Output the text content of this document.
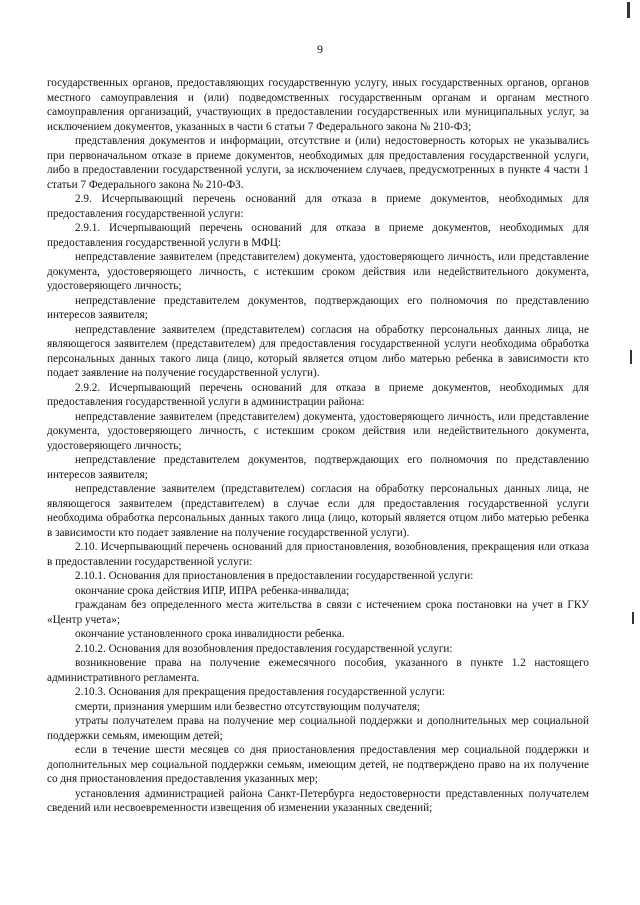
9

государственных органов, предоставляющих государственную услугу, иных государственных органов, органов местного самоуправления и (или) подведомственных государственным органам и органам местного самоуправления организаций, участвующих в предоставлении государственных или муниципальных услуг, за исключением документов, указанных в части 6 статьи 7 Федерального закона № 210-ФЗ;

представления документов и информации, отсутствие и (или) недостоверность которых не указывались при первоначальном отказе в приеме документов, необходимых для предоставления государственной услуги, либо в предоставлении государственной услуги, за исключением случаев, предусмотренных в пункте 4 части 1 статьи 7 Федерального закона № 210-ФЗ.

2.9. Исчерпывающий перечень оснований для отказа в приеме документов, необходимых для предоставления государственной услуги:

2.9.1. Исчерпывающий перечень оснований для отказа в приеме документов, необходимых для предоставления государственной услуги в МФЦ:

непредставление заявителем (представителем) документа, удостоверяющего личность, или представление документа, удостоверяющего личность, с истекшим сроком действия или недействительного документа, удостоверяющего личность;

непредставление представителем документов, подтверждающих его полномочия по представлению интересов заявителя;

непредставление заявителем (представителем) согласия на обработку персональных данных лица, не являющегося заявителем (представителем) для предоставления государственной услуги необходима обработка персональных данных такого лица (лицо, который является отцом либо матерью ребенка в зависимости кто подает заявление на получение государственной услуги).

2.9.2. Исчерпывающий перечень оснований для отказа в приеме документов, необходимых для предоставления государственной услуги в администрации района:

непредставление заявителем (представителем) документа, удостоверяющего личность, или представление документа, удостоверяющего личность, с истекшим сроком действия или недействительного документа, удостоверяющего личность;

непредставление представителем документов, подтверждающих его полномочия по представлению интересов заявителя;

непредставление заявителем (представителем) согласия на обработку персональных данных лица, не являющегося заявителем (представителем) в случае если для предоставления государственной услуги необходима обработка персональных данных такого лица (лицо, который является отцом либо матерью ребенка в зависимости кто подает заявление на получение государственной услуги).

2.10. Исчерпывающий перечень оснований для приостановления, возобновления, прекращения или отказа в предоставлении государственной услуги:

2.10.1. Основания для приостановления в предоставлении государственной услуги:

окончание срока действия ИПР, ИПРА ребенка-инвалида;

гражданам без определенного места жительства в связи с истечением срока постановки на учет в ГКУ «Центр учета»;

окончание установленного срока инвалидности ребенка.

2.10.2. Основания для возобновления предоставления государственной услуги:

возникновение права на получение ежемесячного пособия, указанного в пункте 1.2 настоящего административного регламента.

2.10.3. Основания для прекращения предоставления государственной услуги:

смерти, признания умершим или безвестно отсутствующим получателя;

утраты получателем права на получение мер социальной поддержки и дополнительных мер социальной поддержки семьям, имеющим детей;

если в течение шести месяцев со дня приостановления предоставления мер социальной поддержки и дополнительных мер социальной поддержки семьям, имеющим детей, не подтверждено право на их получение со дня приостановления предоставления указанных мер;

установления администрацией района Санкт-Петербурга недостоверности представленных получателем сведений или несвоевременности извещения об изменении указанных сведений;
